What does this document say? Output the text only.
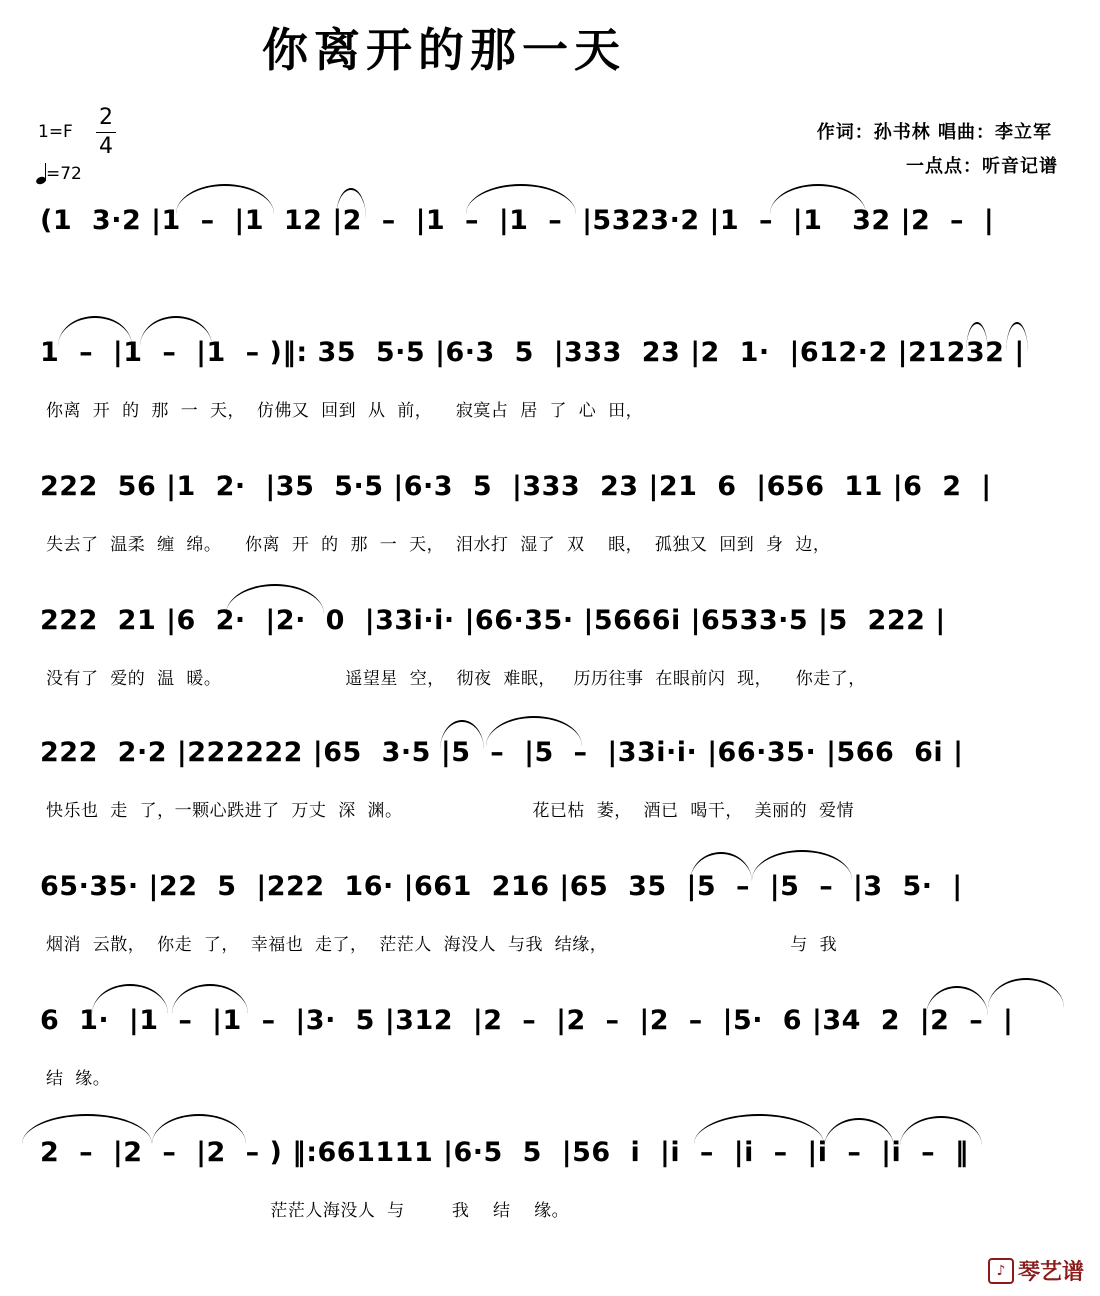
你离开的那一天
1=F
2
4
=72
作词：孙书林 唱曲：李立军
一点点：听音记谱
(1  3·2 |1  –  |1  12 |2  –  |1  –  |1  –  |5323·2 |1  –  |1   32 |2  –  |
1  –  |1  –  |1  – )‖: 35  5·5 |6·3  5  |333  23 |2  1·  |612·2 |21232 |
你离  开  的  那  一  天，  仿佛又  回到  从  前，    寂寞占  居  了  心  田，
222  56 |1  2·  |35  5·5 |6·3  5  |333  23 |21  6  |656  11 |6  2  |
失去了  温柔  缠  绵。    你离  开  的  那  一  天，  泪水打  湿了  双    眼，  孤独又  回到  身  边，
222  21 |6  2·  |2·  0  |33i·i· |66·35· |5666i |6533·5 |5  222 |
没有了  爱的  温  暖。                     遥望星  空，  彻夜  难眠，   历历往事  在眼前闪  现，    你走了，
222  2·2 |222222 |65  3·5 |5  –  |5  –  |33i·i· |66·35· |566  6i |
快乐也  走  了，一颗心跌进了  万丈  深  渊。                      花已枯  萎，  酒已  喝干，  美丽的  爱情
65·35· |22  5  |222  16· |661  216 |65  35  |5  –  |5  –  |3  5·  |
烟消  云散，  你走  了，  幸福也  走了，  茫茫人  海没人  与我  结缘，                               与  我
6  1·  |1  –  |1  –  |3·  5 |312  |2  –  |2  –  |2  –  |5·  6 |34  2  |2  –  |
结  缘。
2  –  |2  –  |2  – ) ‖:661111 |6·5  5  |56  i  |i  –  |i  –  |i  –  |i  –  ‖
茫茫人海没人  与        我    结    缘。
♪ 琴艺谱
